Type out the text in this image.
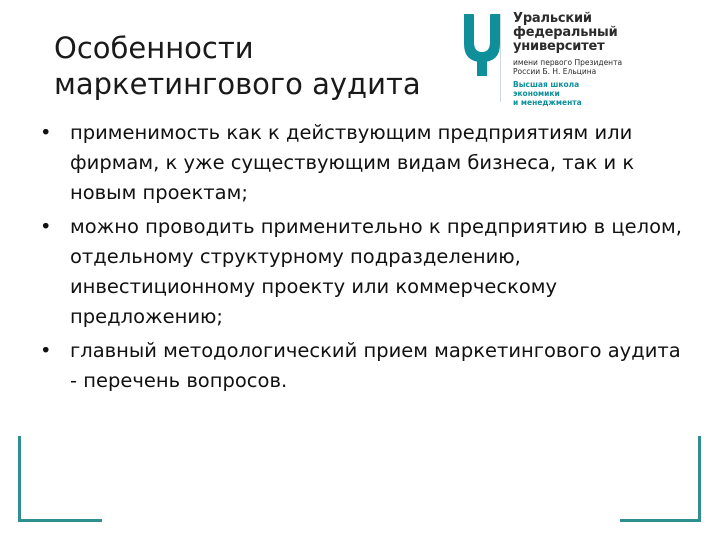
Особенности
маркетингового аудита
Уральский
федеральный
университет
имени первого Президента
России Б. Н. Ельцина
Высшая школа
экономики
и менеджмента
• применимость как к действующим предприятиям или фирмам, к уже существующим видам бизнеса, так и к новым проектам;
• можно проводить применительно к предприятию в целом, отдельному структурному подразделению, инвестиционному проекту или коммерческому предложению;
• главный методологический прием маркетингового аудита - перечень вопросов.
